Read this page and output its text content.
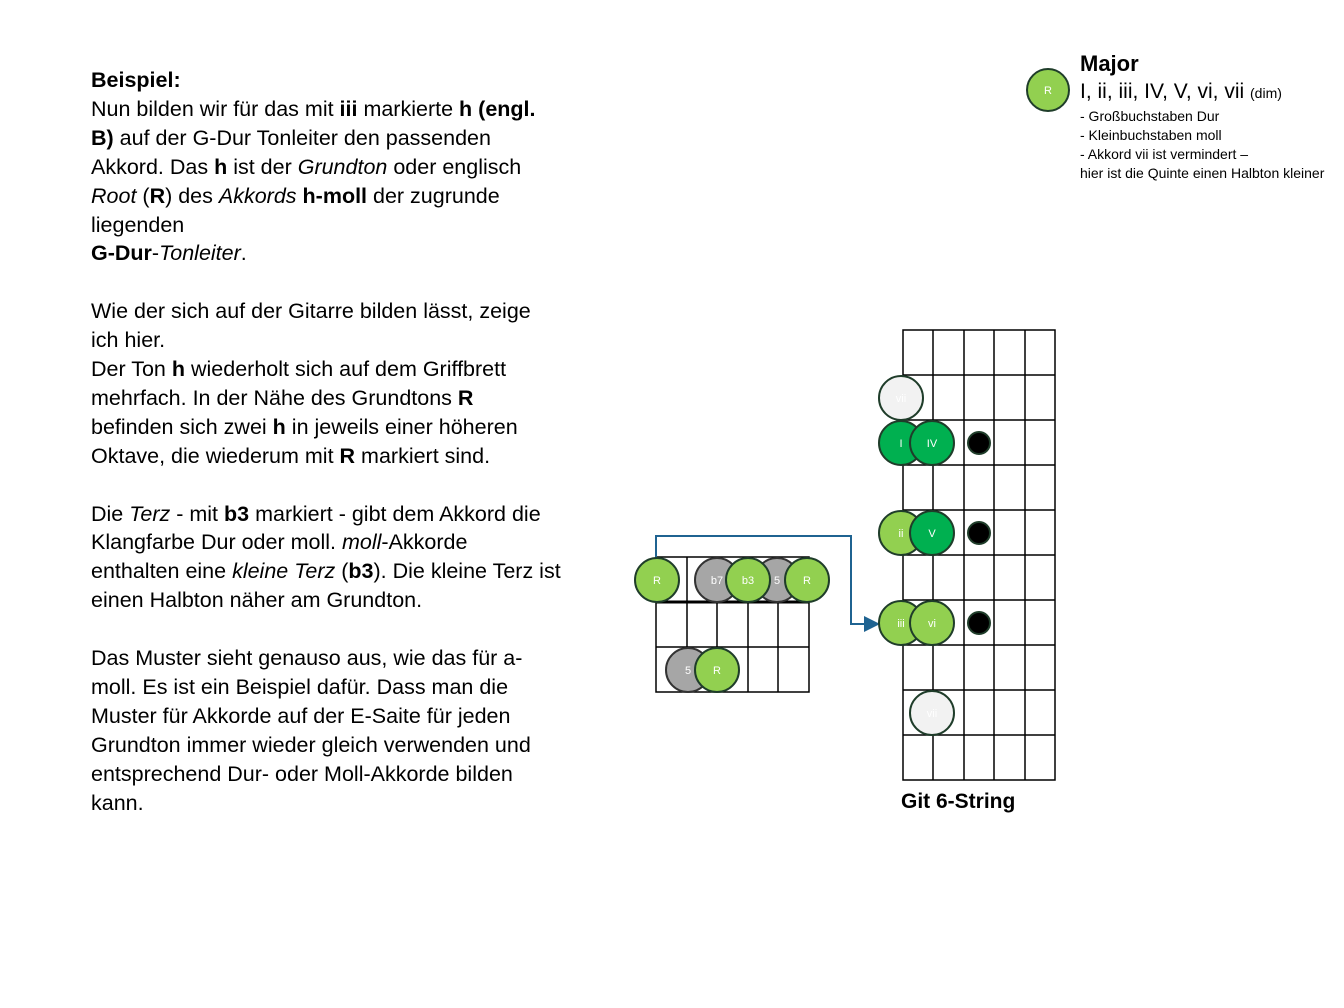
Beispiel:

Nun bilden wir für das mit iii markierte h (engl. B) auf der G-Dur Tonleiter den passenden Akkord. Das h ist der Grundton oder englisch Root (R) des Akkords h-moll der zugrunde liegenden
G-Dur-Tonleiter.

Wie der sich auf der Gitarre bilden lässt, zeige ich hier.
Der Ton h wiederholt sich auf dem Griffbrett mehrfach. In der Nähe des Grundtons R befinden sich zwei h in jeweils einer höheren Oktave, die wiederum mit R markiert sind.

Die Terz - mit b3 markiert - gibt dem Akkord die Klangfarbe Dur oder moll. moll-Akkorde enthalten eine kleine Terz (b3). Die kleine Terz ist einen Halbton näher am Grundton.

Das Muster sieht genauso aus, wie das für a-moll. Es ist ein Beispiel dafür. Dass man die Muster für Akkorde auf der E-Saite für jeden Grundton immer wieder gleich verwenden und entsprechend Dur- oder Moll-Akkorde bilden kann.

Major
I, ii, iii, IV, V, vi, vii (dim)
- Großbuchstaben Dur
- Kleinbuchstaben moll
- Akkord vii ist vermindert –
hier ist die Quinte einen Halbton kleiner
R
R	b7	5
b3	R
5 R
vii
I IV
ii V
iii vi
vii
Git 6-String
